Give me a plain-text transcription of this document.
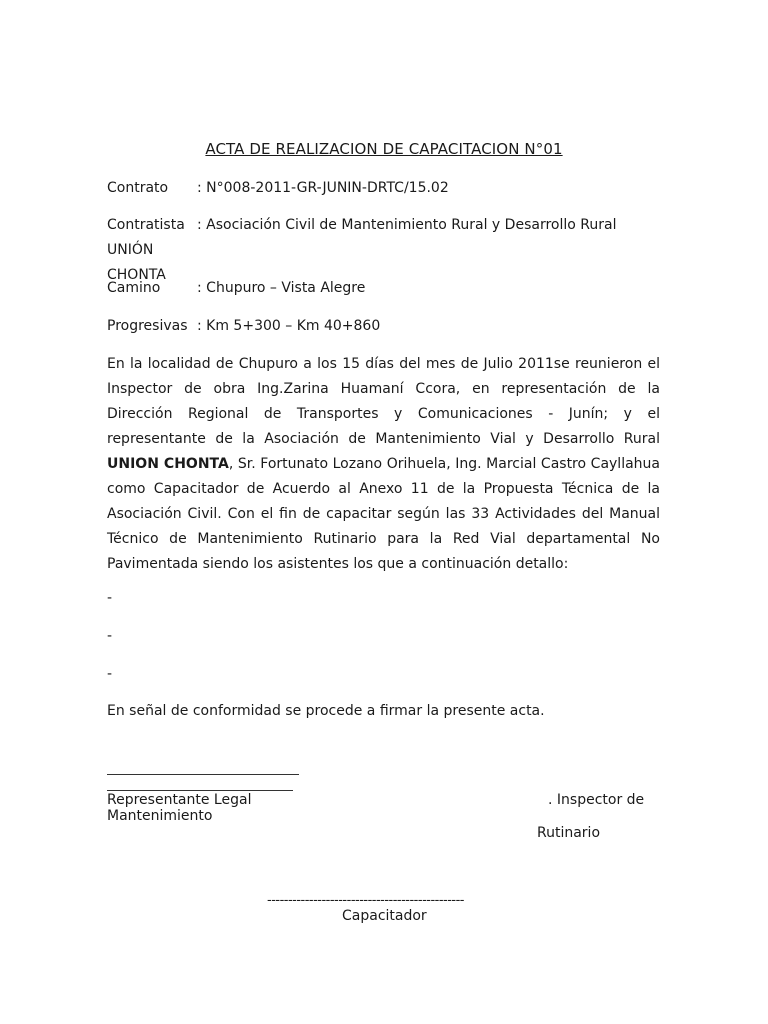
ACTA DE REALIZACION DE CAPACITACION N°01
Contrato : N°008-2011-GR-JUNIN-DRTC/15.02
Contratista : Asociación Civil de Mantenimiento Rural y Desarrollo Rural UNIÓN
CHONTA
Camino	: Chupuro – Vista Alegre
Progresivas : Km 5+300 – Km 40+860
En la localidad de Chupuro a los 15 días del mes de Julio 2011se reunieron el Inspector de obra Ing.Zarina Huamaní Ccora, en representación de la Dirección Regional de Transportes y Comunicaciones - Junín; y el representante de la Asociación de Mantenimiento Vial y Desarrollo Rural UNION CHONTA, Sr. Fortunato Lozano Orihuela, Ing. Marcial Castro Cayllahua como Capacitador de Acuerdo al Anexo 11 de la Propuesta Técnica de la Asociación Civil. Con el fin de capacitar según las 33 Actividades del Manual Técnico de Mantenimiento Rutinario para la Red Vial departamental No Pavimentada siendo los asistentes los que a continuación detallo:
-
-
-
En señal de conformidad se procede a firmar la presente acta.
Representante Legal
Mantenimiento
. Inspector de
Rutinario
-----------------------------------------------
Capacitador
